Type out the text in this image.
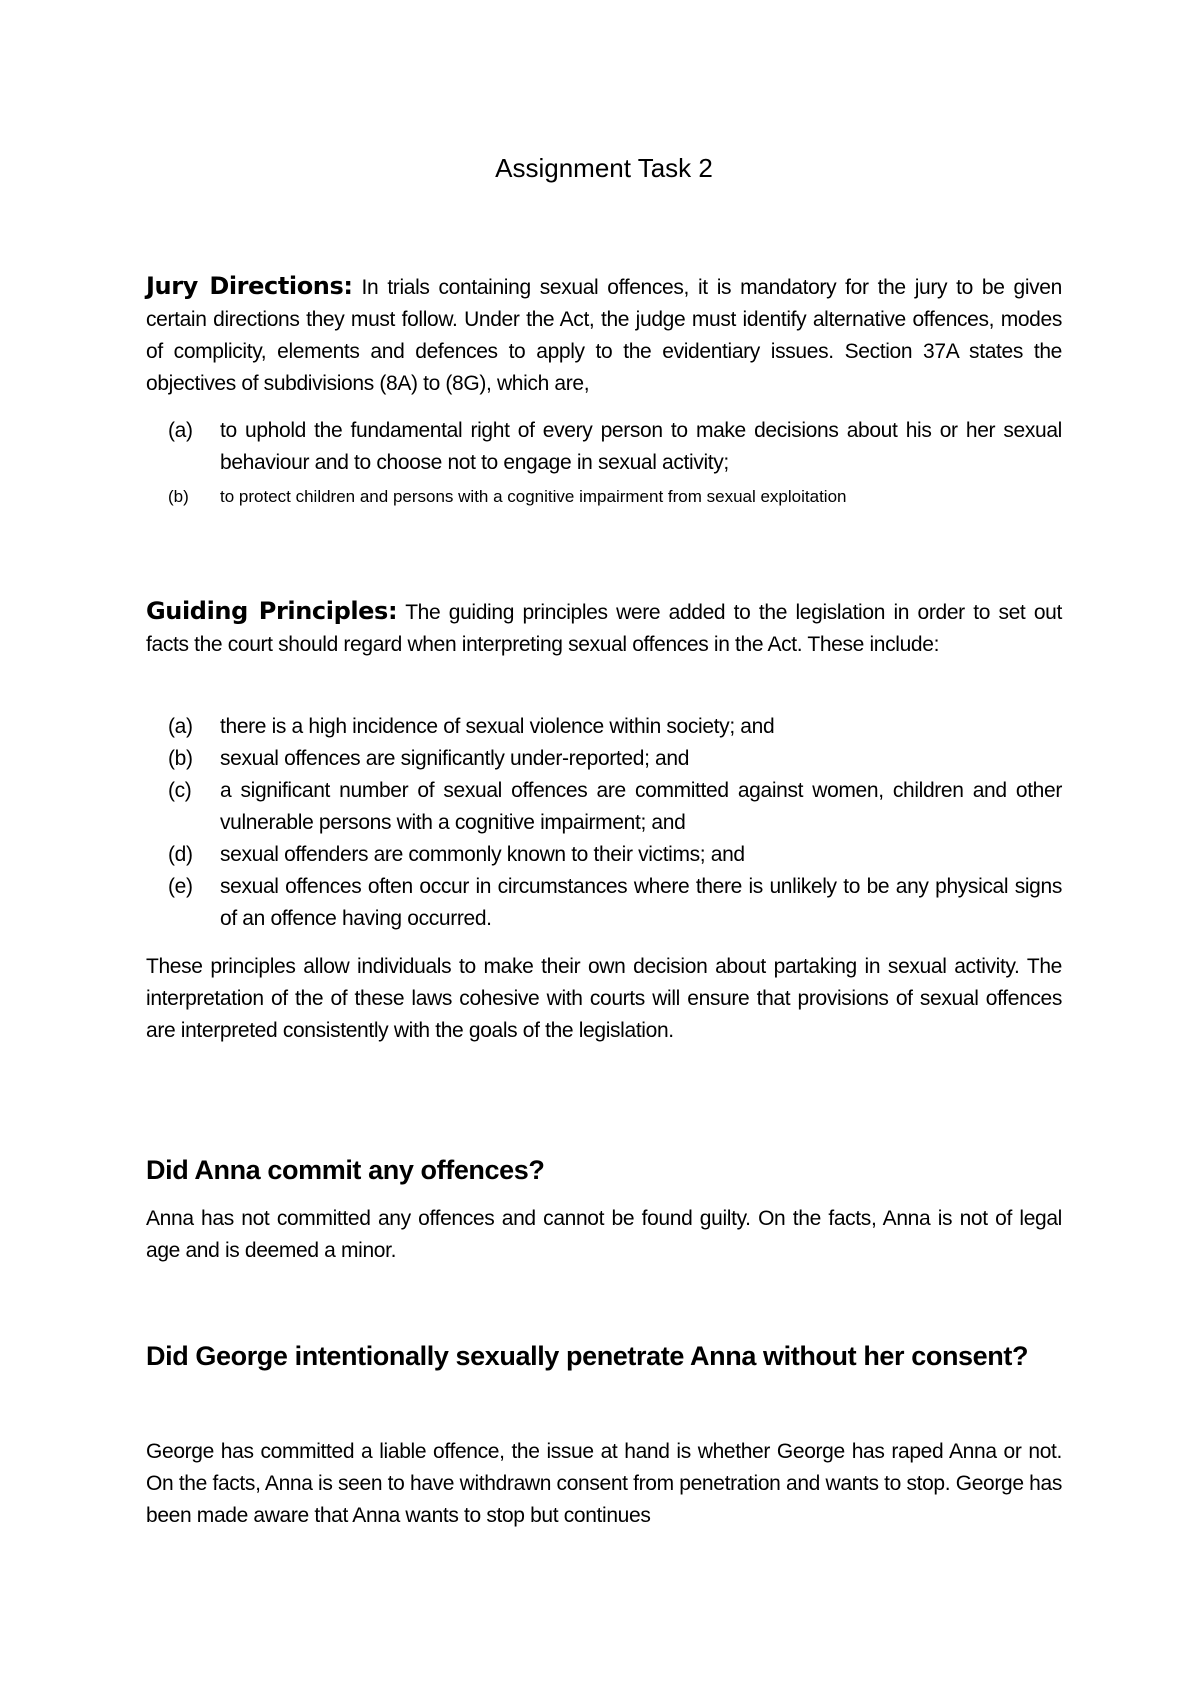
Assignment Task 2
Jury Directions: In trials containing sexual offences, it is mandatory for the jury to be given certain directions they must follow. Under the Act, the judge must identify alternative offences, modes of complicity, elements and defences to apply to the evidentiary issues. Section 37A states the objectives of subdivisions (8A) to (8G), which are,
(a) to uphold the fundamental right of every person to make decisions about his or her sexual behaviour and to choose not to engage in sexual activity;
(b) to protect children and persons with a cognitive impairment from sexual exploitation
Guiding Principles: The guiding principles were added to the legislation in order to set out facts the court should regard when interpreting sexual offences in the Act. These include:
(a) there is a high incidence of sexual violence within society; and
(b) sexual offences are significantly under-reported; and
(c) a significant number of sexual offences are committed against women, children and other vulnerable persons with a cognitive impairment; and
(d) sexual offenders are commonly known to their victims; and
(e) sexual offences often occur in circumstances where there is unlikely to be any physical signs of an offence having occurred.
These principles allow individuals to make their own decision about partaking in sexual activity. The interpretation of the of these laws cohesive with courts will ensure that provisions of sexual offences are interpreted consistently with the goals of the legislation.
Did Anna commit any offences?
Anna has not committed any offences and cannot be found guilty. On the facts, Anna is not of legal age and is deemed a minor.
Did George intentionally sexually penetrate Anna without her consent?
George has committed a liable offence, the issue at hand is whether George has raped Anna or not. On the facts, Anna is seen to have withdrawn consent from penetration and wants to stop. George has been made aware that Anna wants to stop but continues
